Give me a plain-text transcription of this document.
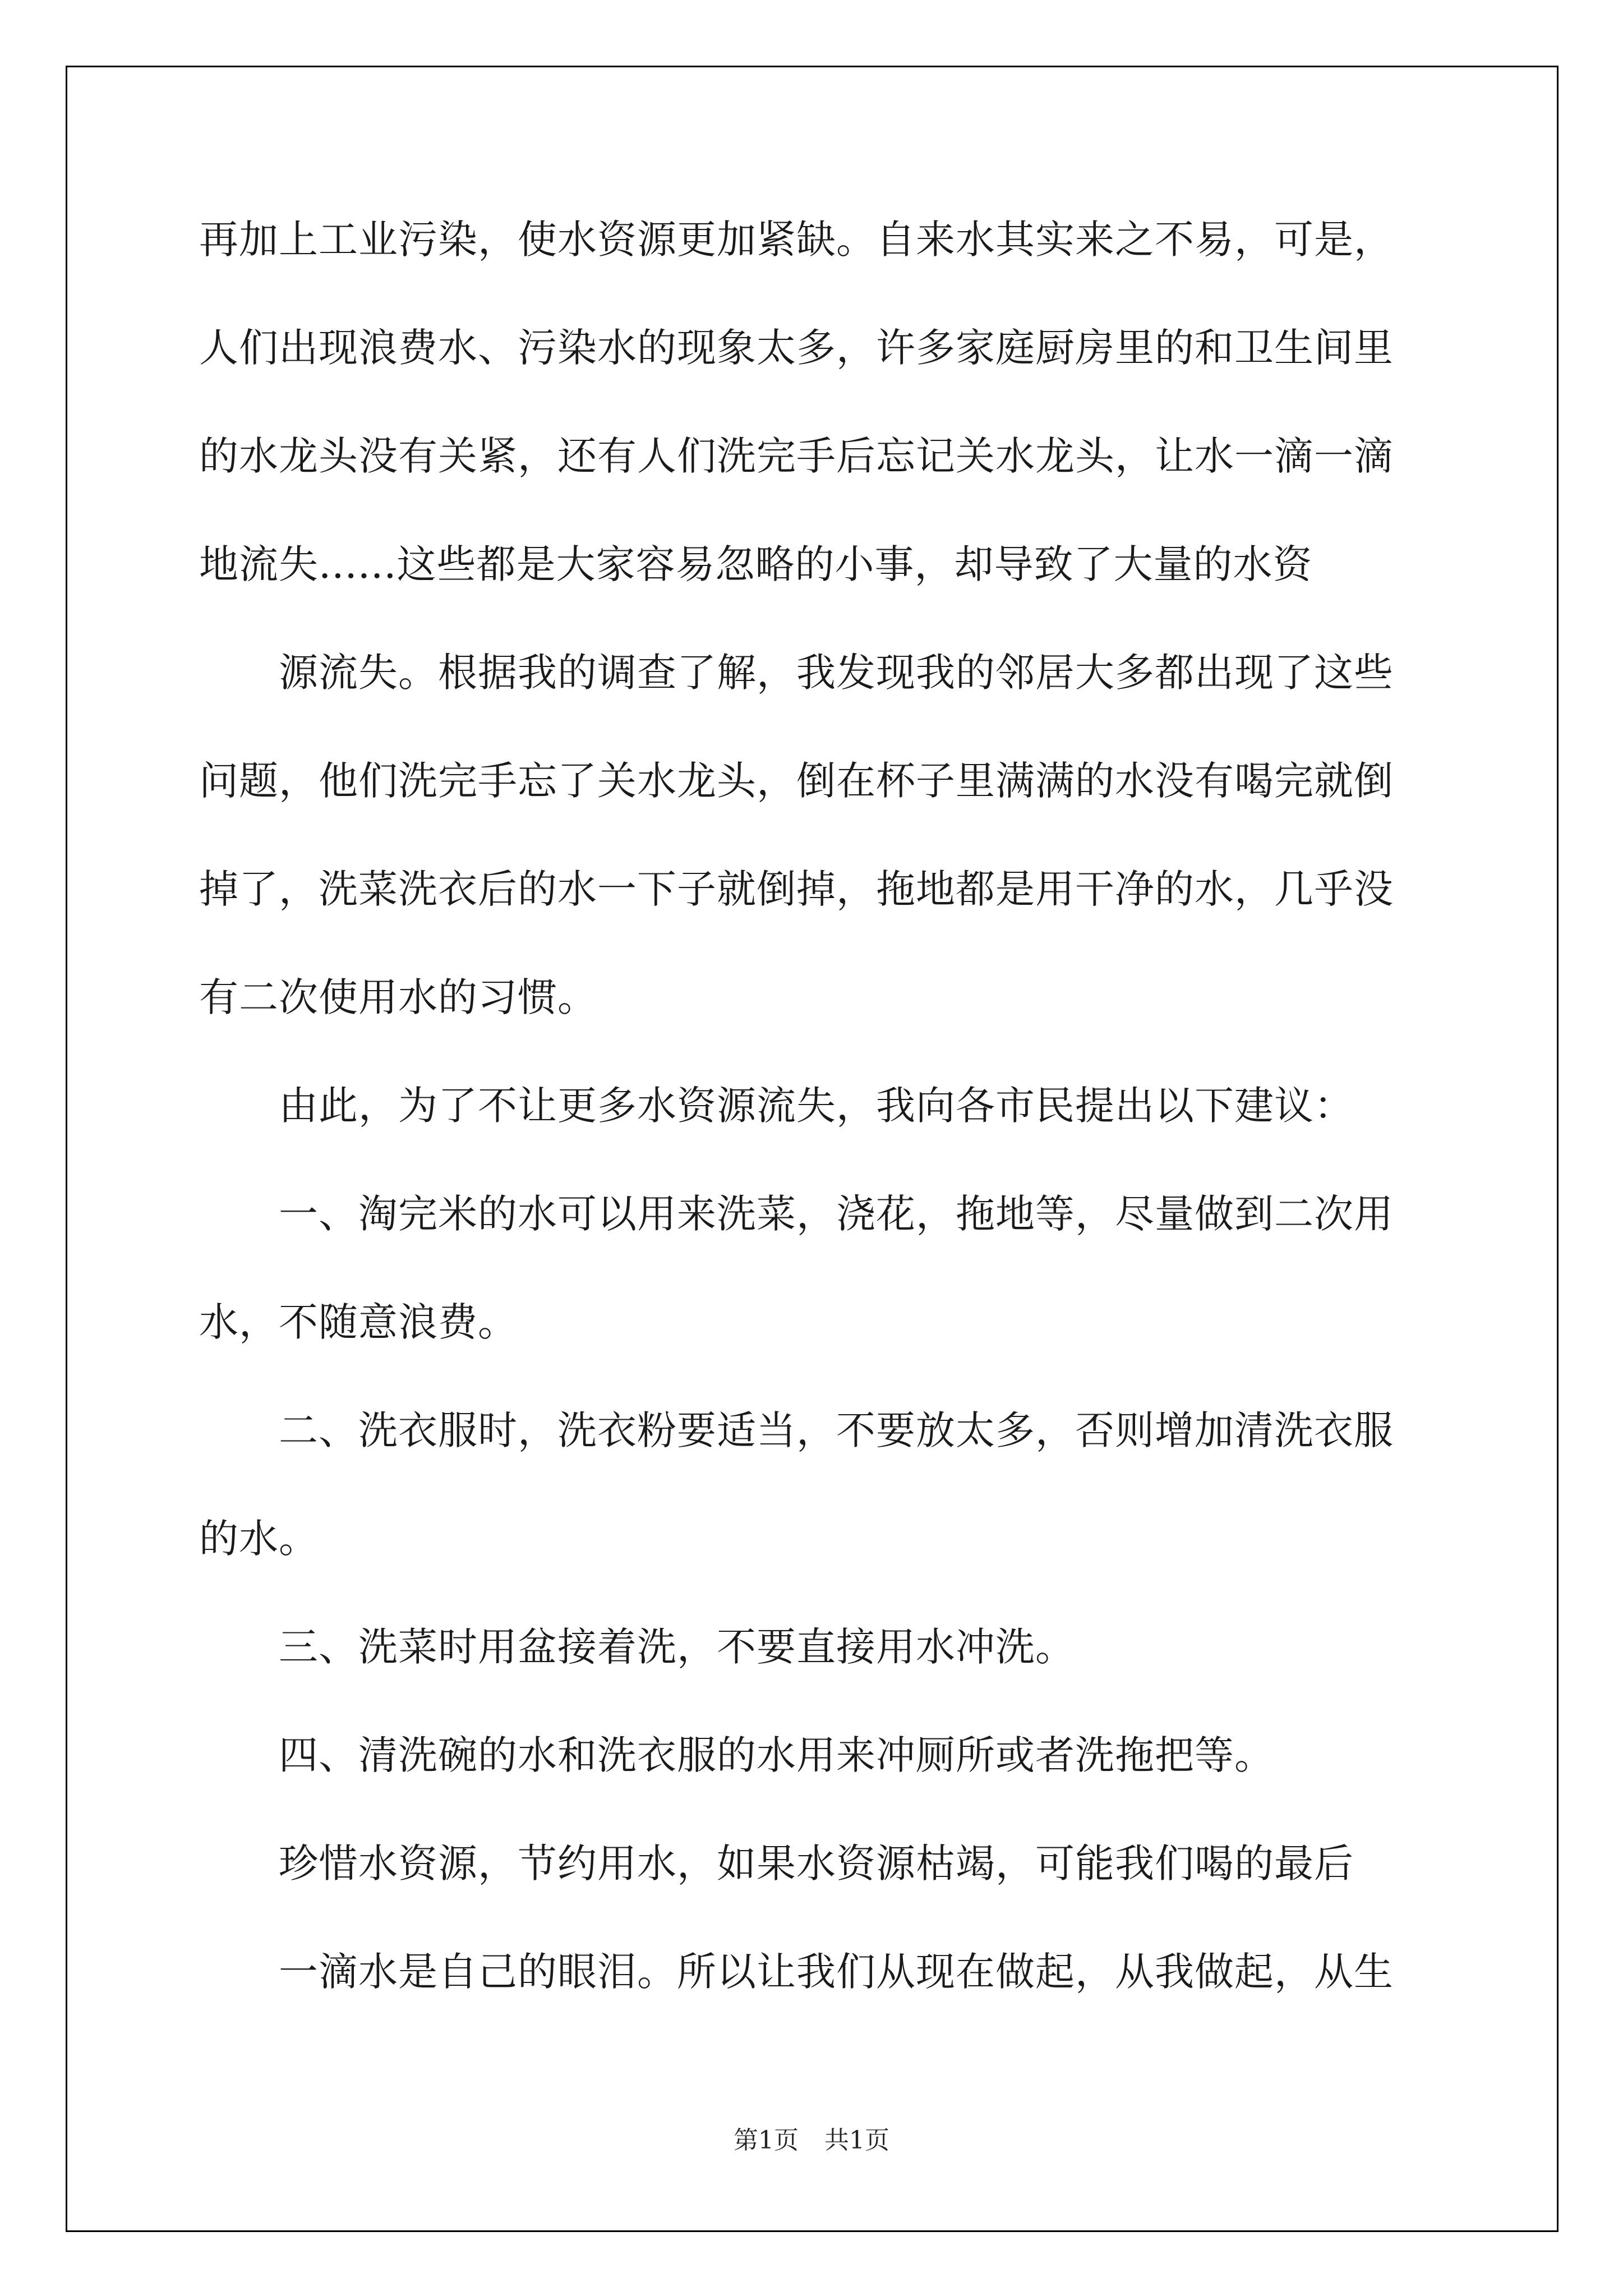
再加上工业污染，使水资源更加紧缺。自来水其实来之不易，可是，
人们出现浪费水、污染水的现象太多，许多家庭厨房里的和卫生间里
的水龙头没有关紧，还有人们洗完手后忘记关水龙头，让水一滴一滴
地流失......这些都是大家容易忽略的小事，却导致了大量的水资
源流失。根据我的调查了解，我发现我的邻居大多都出现了这些
问题，他们洗完手忘了关水龙头，倒在杯子里满满的水没有喝完就倒
掉了，洗菜洗衣后的水一下子就倒掉，拖地都是用干净的水，几乎没
有二次使用水的习惯。
由此，为了不让更多水资源流失，我向各市民提出以下建议：
一、淘完米的水可以用来洗菜，浇花，拖地等，尽量做到二次用
水，不随意浪费。
二、洗衣服时，洗衣粉要适当，不要放太多，否则增加清洗衣服
的水。
三、洗菜时用盆接着洗，不要直接用水冲洗。
四、清洗碗的水和洗衣服的水用来冲厕所或者洗拖把等。
珍惜水资源，节约用水，如果水资源枯竭，可能我们喝的最后
一滴水是自己的眼泪。所以让我们从现在做起，从我做起，从生
第1页 共1页
